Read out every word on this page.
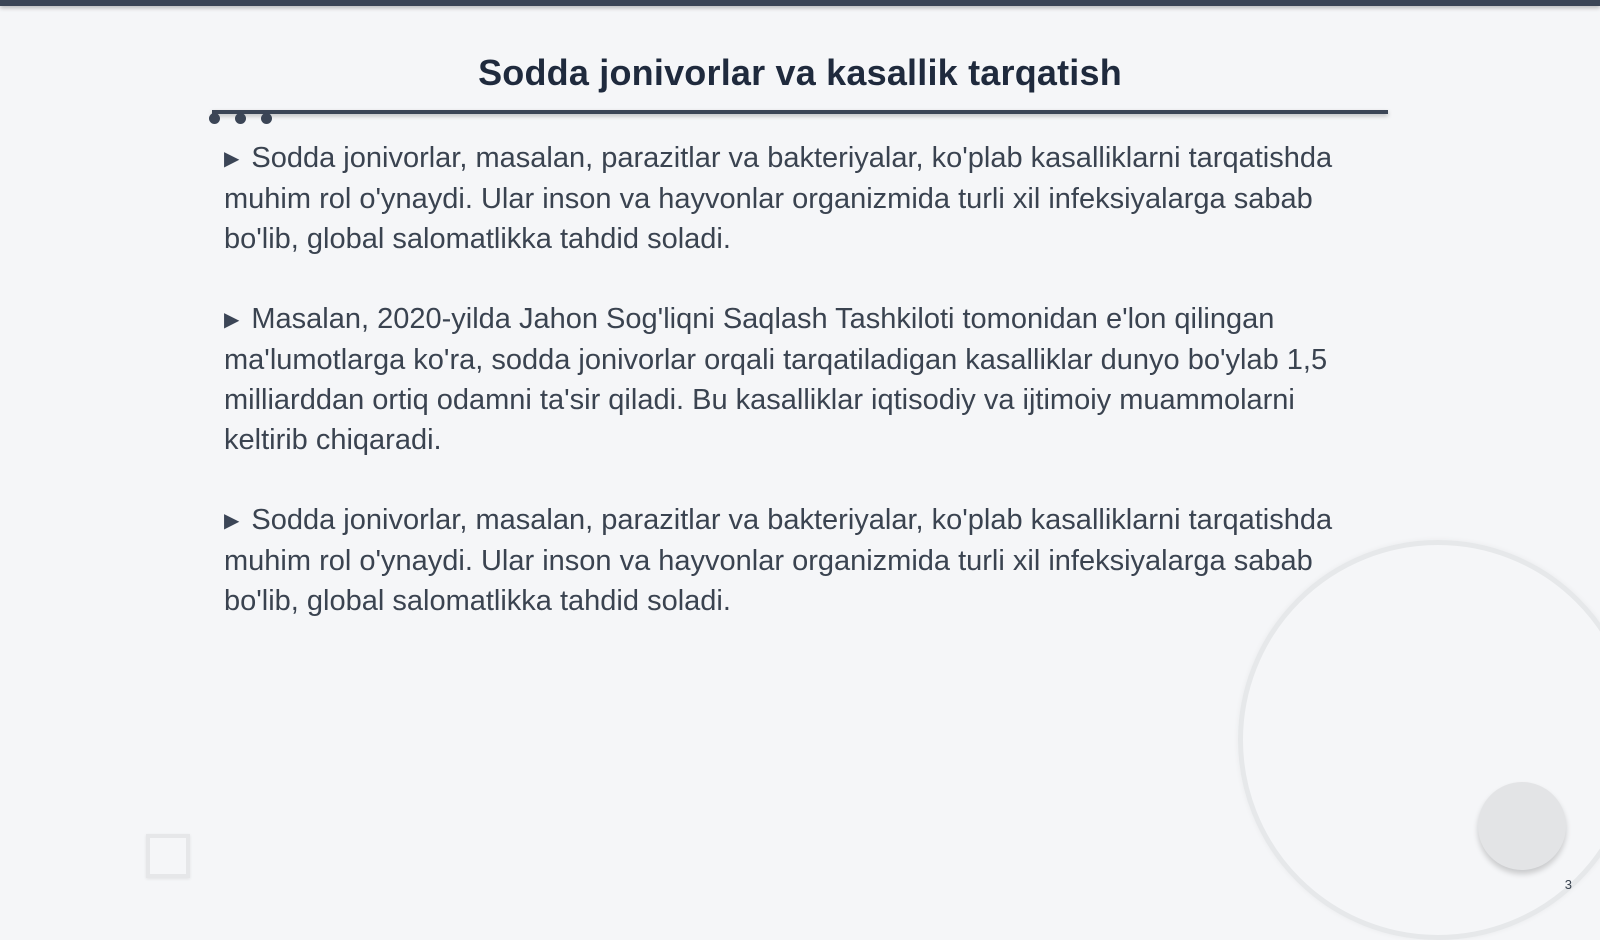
Sodda jonivorlar va kasallik tarqatish

▶ Sodda jonivorlar, masalan, parazitlar va bakteriyalar, ko'plab kasalliklarni tarqatishda muhim rol o'ynaydi. Ular inson va hayvonlar organizmida turli xil infeksiyalarga sabab bo'lib, global salomatlikka tahdid soladi.

▶ Masalan, 2020-yilda Jahon Sog'liqni Saqlash Tashkiloti tomonidan e'lon qilingan ma'lumotlarga ko'ra, sodda jonivorlar orqali tarqatiladigan kasalliklar dunyo bo'ylab 1,5 milliarddan ortiq odamni ta'sir qiladi. Bu kasalliklar iqtisodiy va ijtimoiy muammolarni keltirib chiqaradi.

▶ Sodda jonivorlar, masalan, parazitlar va bakteriyalar, ko'plab kasalliklarni tarqatishda muhim rol o'ynaydi. Ular inson va hayvonlar organizmida turli xil infeksiyalarga sabab bo'lib, global salomatlikka tahdid soladi.

3
